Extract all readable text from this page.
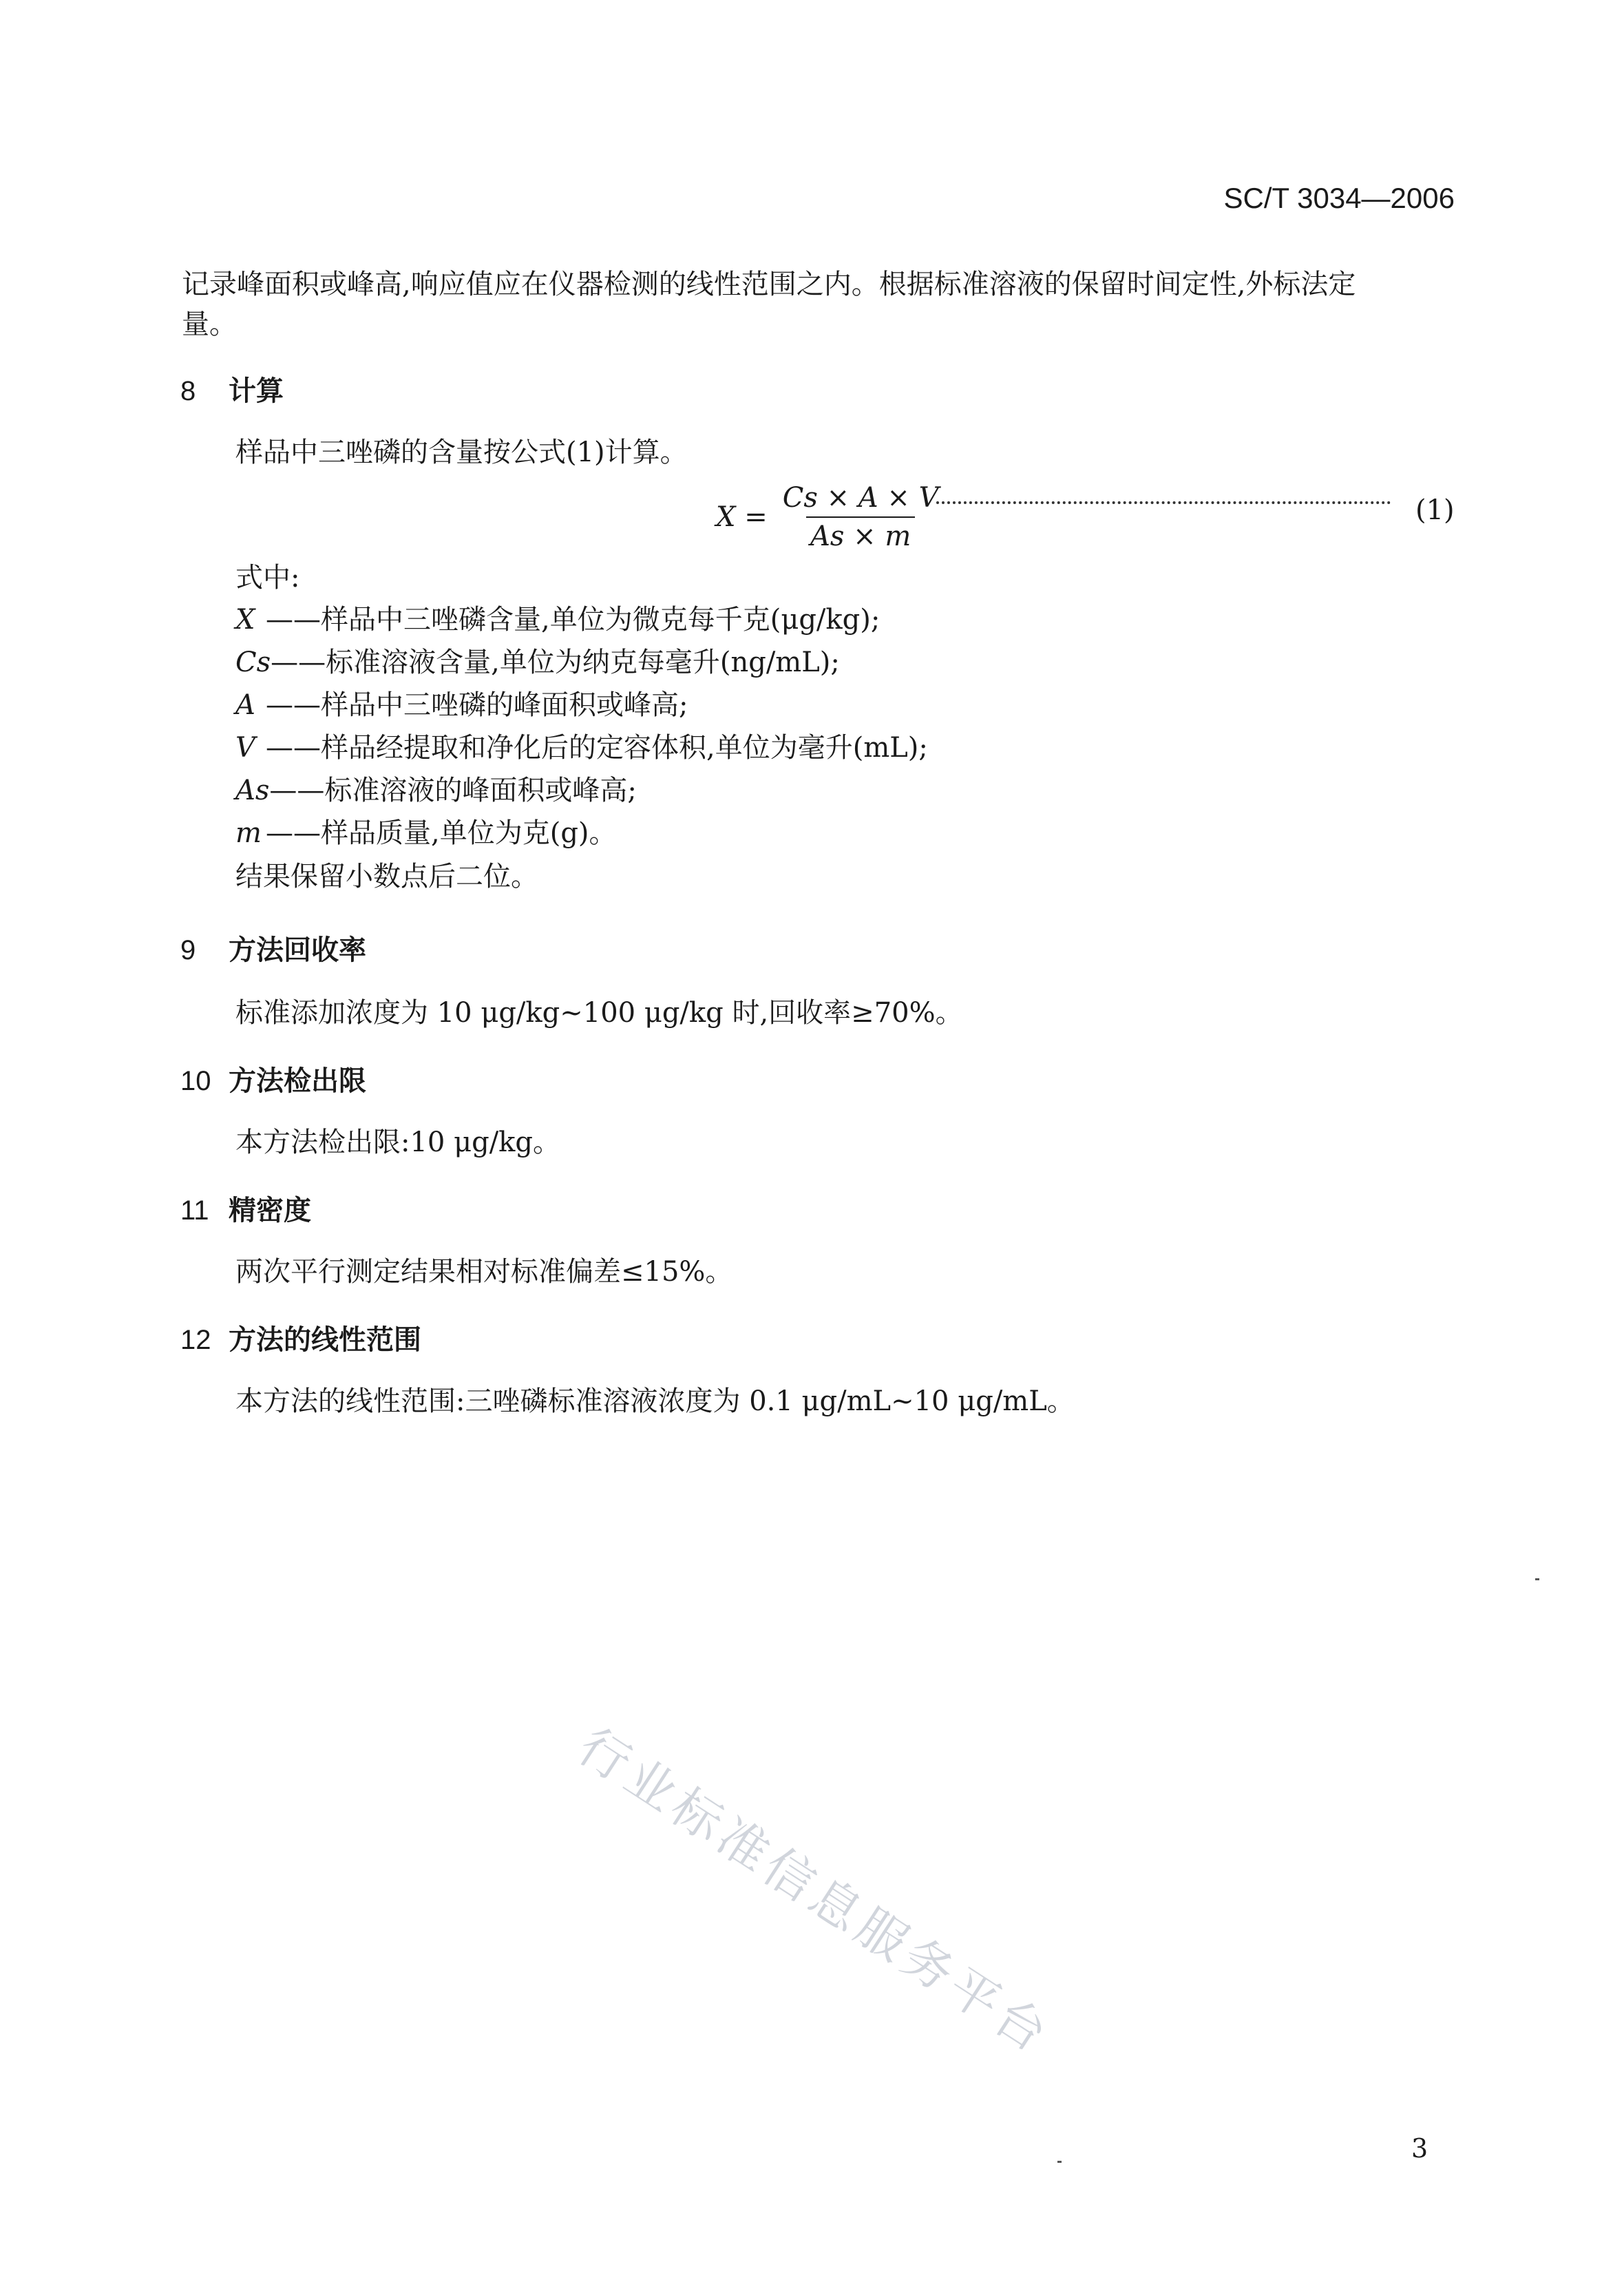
SC/T 3034—2006
记录峰面积或峰高,响应值应在仪器检测的线性范围之内。根据标准溶液的保留时间定性,外标法定
量。
8 计算
样品中三唑磷的含量按公式(1)计算。
$X = \frac{Cs \times A \times V}{As \times m}$	(1)
式中:
X ——样品中三唑磷含量,单位为微克每千克(μg/kg);
Cs——标准溶液含量,单位为纳克每毫升(ng/mL);
A ——样品中三唑磷的峰面积或峰高;
V ——样品经提取和净化后的定容体积,单位为毫升(mL);
As——标准溶液的峰面积或峰高;
m ——样品质量,单位为克(g)。
结果保留小数点后二位。
9 方法回收率
标准添加浓度为 10 μg/kg~100 μg/kg 时,回收率≥70%。
10 方法检出限
本方法检出限:10 μg/kg。
11 精密度
两次平行测定结果相对标准偏差≤15%。
12 方法的线性范围
本方法的线性范围:三唑磷标准溶液浓度为 0.1 μg/mL~10 μg/mL。
行业标准信息服务平台
3
